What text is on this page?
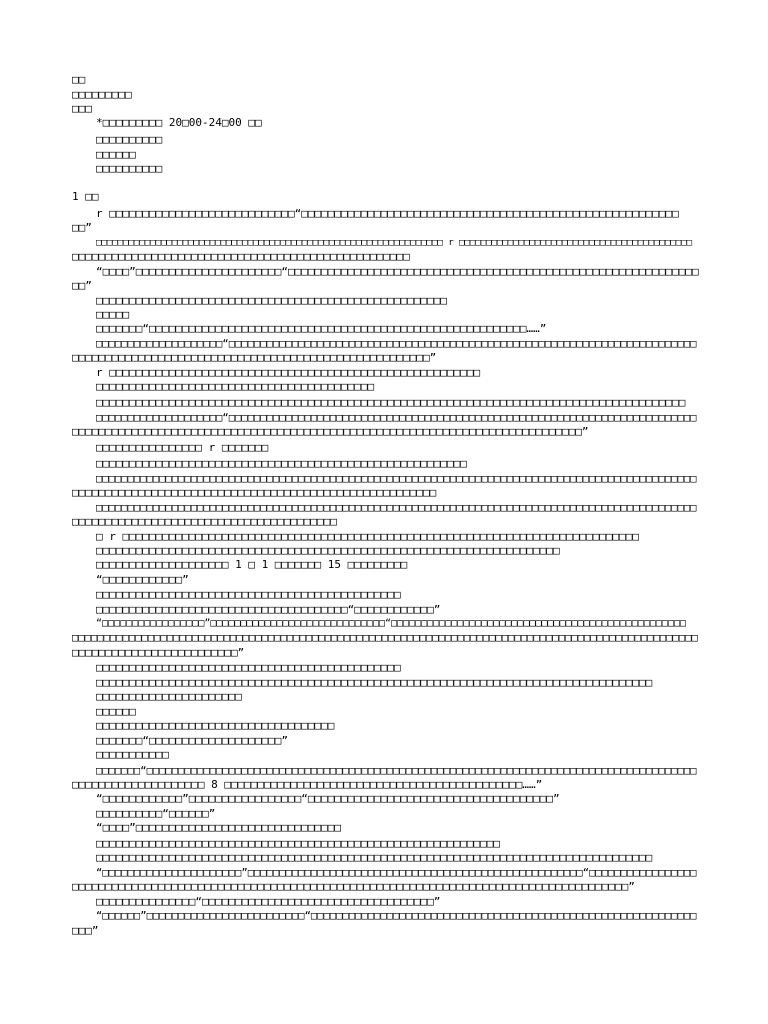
□□
□□□□□□□□□
□□□
*□□□□□□□□□ 20□00-24□00 □□
□□□□□□□□□□
□□□□□□
□□□□□□□□□□
1 □□
r □□□□□□□□□□□□□□□□□□□□□□□□□□□□“□□□□□□□□□□□□□□□□□□□□□□□□□□□□□□□□□□□□□□□□□□□□□□□□□□□□□□□□□
□□”
□□□□□□□□□□□□□□□□□□□□□□□□□□□□□□□□□□□□□□□□□□□□□□□□□□□□□□□□□□□□□□□□ r □□□□□□□□□□□□□□□□□□□□□□□□□□□□□□□□□□□□□□□□□□□
□□□□□□□□□□□□□□□□□□□□□□□□□□□□□□□□□□□□□□□□□□□□□□□□□□□
“□□□□”□□□□□□□□□□□□□□□□□□□□□□“□□□□□□□□□□□□□□□□□□□□□□□□□□□□□□□□□□□□□□□□□□□□□□□□□□□□□□□□□□□□□□
□□”
□□□□□□□□□□□□□□□□□□□□□□□□□□□□□□□□□□□□□□□□□□□□□□□□□□□□□
□□□□□
□□□□□□□“□□□□□□□□□□□□□□□□□□□□□□□□□□□□□□□□□□□□□□□□□□□□□□□□□□□□□□□□□……”
□□□□□□□□□□□□□□□□□□□□“□□□□□□□□□□□□□□□□□□□□□□□□□□□□□□□□□□□□□□□□□□□□□□□□□□□□□□□□□□□□□□□□□□□□□□□□□□
□□□□□□□□□□□□□□□□□□□□□□□□□□□□□□□□□□□□□□□□□□□□□□□□□□□□□□”
r □□□□□□□□□□□□□□□□□□□□□□□□□□□□□□□□□□□□□□□□□□□□□□□□□□□□□□□□
□□□□□□□□□□□□□□□□□□□□□□□□□□□□□□□□□□□□□□□□□□
□□□□□□□□□□□□□□□□□□□□□□□□□□□□□□□□□□□□□□□□□□□□□□□□□□□□□□□□□□□□□□□□□□□□□□□□□□□□□□□□□□□□□□□□□
□□□□□□□□□□□□□□□□□□□□“□□□□□□□□□□□□□□□□□□□□□□□□□□□□□□□□□□□□□□□□□□□□□□□□□□□□□□□□□□□□□□□□□□□□□□□□□□
□□□□□□□□□□□□□□□□□□□□□□□□□□□□□□□□□□□□□□□□□□□□□□□□□□□□□□□□□□□□□□□□□□□□□□□□□□□□□”
□□□□□□□□□□□□□□□□ r □□□□□□□
□□□□□□□□□□□□□□□□□□□□□□□□□□□□□□□□□□□□□□□□□□□□□□□□□□□□□□□□
□□□□□□□□□□□□□□□□□□□□□□□□□□□□□□□□□□□□□□□□□□□□□□□□□□□□□□□□□□□□□□□□□□□□□□□□□□□□□□□□□□□□□□□□□□□□□□□
□□□□□□□□□□□□□□□□□□□□□□□□□□□□□□□□□□□□□□□□□□□□□□□□□□□□□□□
□□□□□□□□□□□□□□□□□□□□□□□□□□□□□□□□□□□□□□□□□□□□□□□□□□□□□□□□□□□□□□□□□□□□□□□□□□□□□□□□□□□□□□□□□□□□□□□
□□□□□□□□□□□□□□□□□□□□□□□□□□□□□□□□□□□□□□□□
□ r □□□□□□□□□□□□□□□□□□□□□□□□□□□□□□□□□□□□□□□□□□□□□□□□□□□□□□□□□□□□□□□□□□□□□□□□□□□□□□
□□□□□□□□□□□□□□□□□□□□□□□□□□□□□□□□□□□□□□□□□□□□□□□□□□□□□□□□□□□□□□□□□□□□□□
□□□□□□□□□□□□□□□□□□□□ 1 □ 1 □□□□□□□ 15 □□□□□□□□□
“□□□□□□□□□□□□”
□□□□□□□□□□□□□□□□□□□□□□□□□□□□□□□□□□□□□□□□□□□□□□
□□□□□□□□□□□□□□□□□□□□□□□□□□□□□□□□□□□□□□“□□□□□□□□□□□□”
“□□□□□□□□□□□□□□□□□”□□□□□□□□□□□□□□□□□□□□□□□□□□□□□“□□□□□□□□□□□□□□□□□□□□□□□□□□□□□□□□□□□□□□□□□□□□□□□□□
□□□□□□□□□□□□□□□□□□□□□□□□□□□□□□□□□□□□□□□□□□□□□□□□□□□□□□□□□□□□□□□□□□□□□□□□□□□□□□□□□□□□□□□□□□□□□□□□□□□
□□□□□□□□□□□□□□□□□□□□□□□□□”
□□□□□□□□□□□□□□□□□□□□□□□□□□□□□□□□□□□□□□□□□□□□□□
□□□□□□□□□□□□□□□□□□□□□□□□□□□□□□□□□□□□□□□□□□□□□□□□□□□□□□□□□□□□□□□□□□□□□□□□□□□□□□□□□□□□
□□□□□□□□□□□□□□□□□□□□□□
□□□□□□
□□□□□□□□□□□□□□□□□□□□□□□□□□□□□□□□□□□□
□□□□□□□“□□□□□□□□□□□□□□□□□□□□”
□□□□□□□□□□□
□□□□□□□“□□□□□□□□□□□□□□□□□□□□□□□□□□□□□□□□□□□□□□□□□□□□□□□□□□□□□□□□□□□□□□□□□□□□□□□□□□□□□□□□□□□□□□□
□□□□□□□□□□□□□□□□□□□□ 8 □□□□□□□□□□□□□□□□□□□□□□□□□□□□□□□□□□□□□□□□□□□□□……”
“□□□□□□□□□□□□”□□□□□□□□□□□□□□□□□“□□□□□□□□□□□□□□□□□□□□□□□□□□□□□□□□□□□□□”
□□□□□□□□□□“□□□□□□”
“□□□□”□□□□□□□□□□□□□□□□□□□□□□□□□□□□□□□
□□□□□□□□□□□□□□□□□□□□□□□□□□□□□□□□□□□□□□□□□□□□□□□□□□□□□□□□□□□□□
□□□□□□□□□□□□□□□□□□□□□□□□□□□□□□□□□□□□□□□□□□□□□□□□□□□□□□□□□□□□□□□□□□□□□□□□□□□□□□□□□□□□
“□□□□□□□□□□□□□□□□□□□□□□”□□□□□□□□□□□□□□□□□□□□□□□□□□□□□□□□□□□□□□□□□□□□□□□□□□□□□“□□□□□□□□□□□□□□□□□
□□□□□□□□□□□□□□□□□□□□□□□□□□□□□□□□□□□□□□□□□□□□□□□□□□□□□□□□□□□□□□□□□□□□□□□□□□□□□□□□□□□□”
□□□□□□□□□□□□□□□“□□□□□□□□□□□□□□□□□□□□□□□□□□□□□□□□□□□”
“□□□□□□”□□□□□□□□□□□□□□□□□□□□□□□□□“□□□□□□□□□□□□□□□□□□□□□□□□□□□□□□□□□□□□□□□□□□□□□□□□□□□□□□□□□□□□□
□□□”
